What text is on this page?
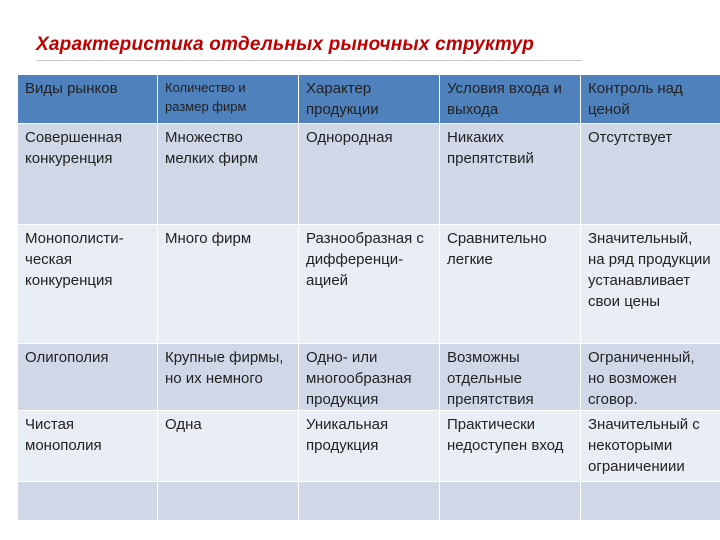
Характеристика отдельных рыночных структур
Виды рынков	Количество и размер фирм	Характер продукции	Условия входа и выхода	Контроль над ценой
Совершенная конкуренция	Множество мелких фирм	Однородная	Никаких препятствий	Отсутствует
Монополисти-ческая конкуренция	Много фирм	Разнообразная с дифференци-ацией	Сравнительно легкие	Значительный, на ряд продукции устанавливает свои цены
Олигополия	Крупные фирмы, но их немного	Одно- или многообразная продукция	Возможны отдельные препятствия	Ограниченный, но возможен сговор.
Чистая монополия	Одна	Уникальная продукция	Практически недоступен вход	Значительный с некоторыми ограничениии
